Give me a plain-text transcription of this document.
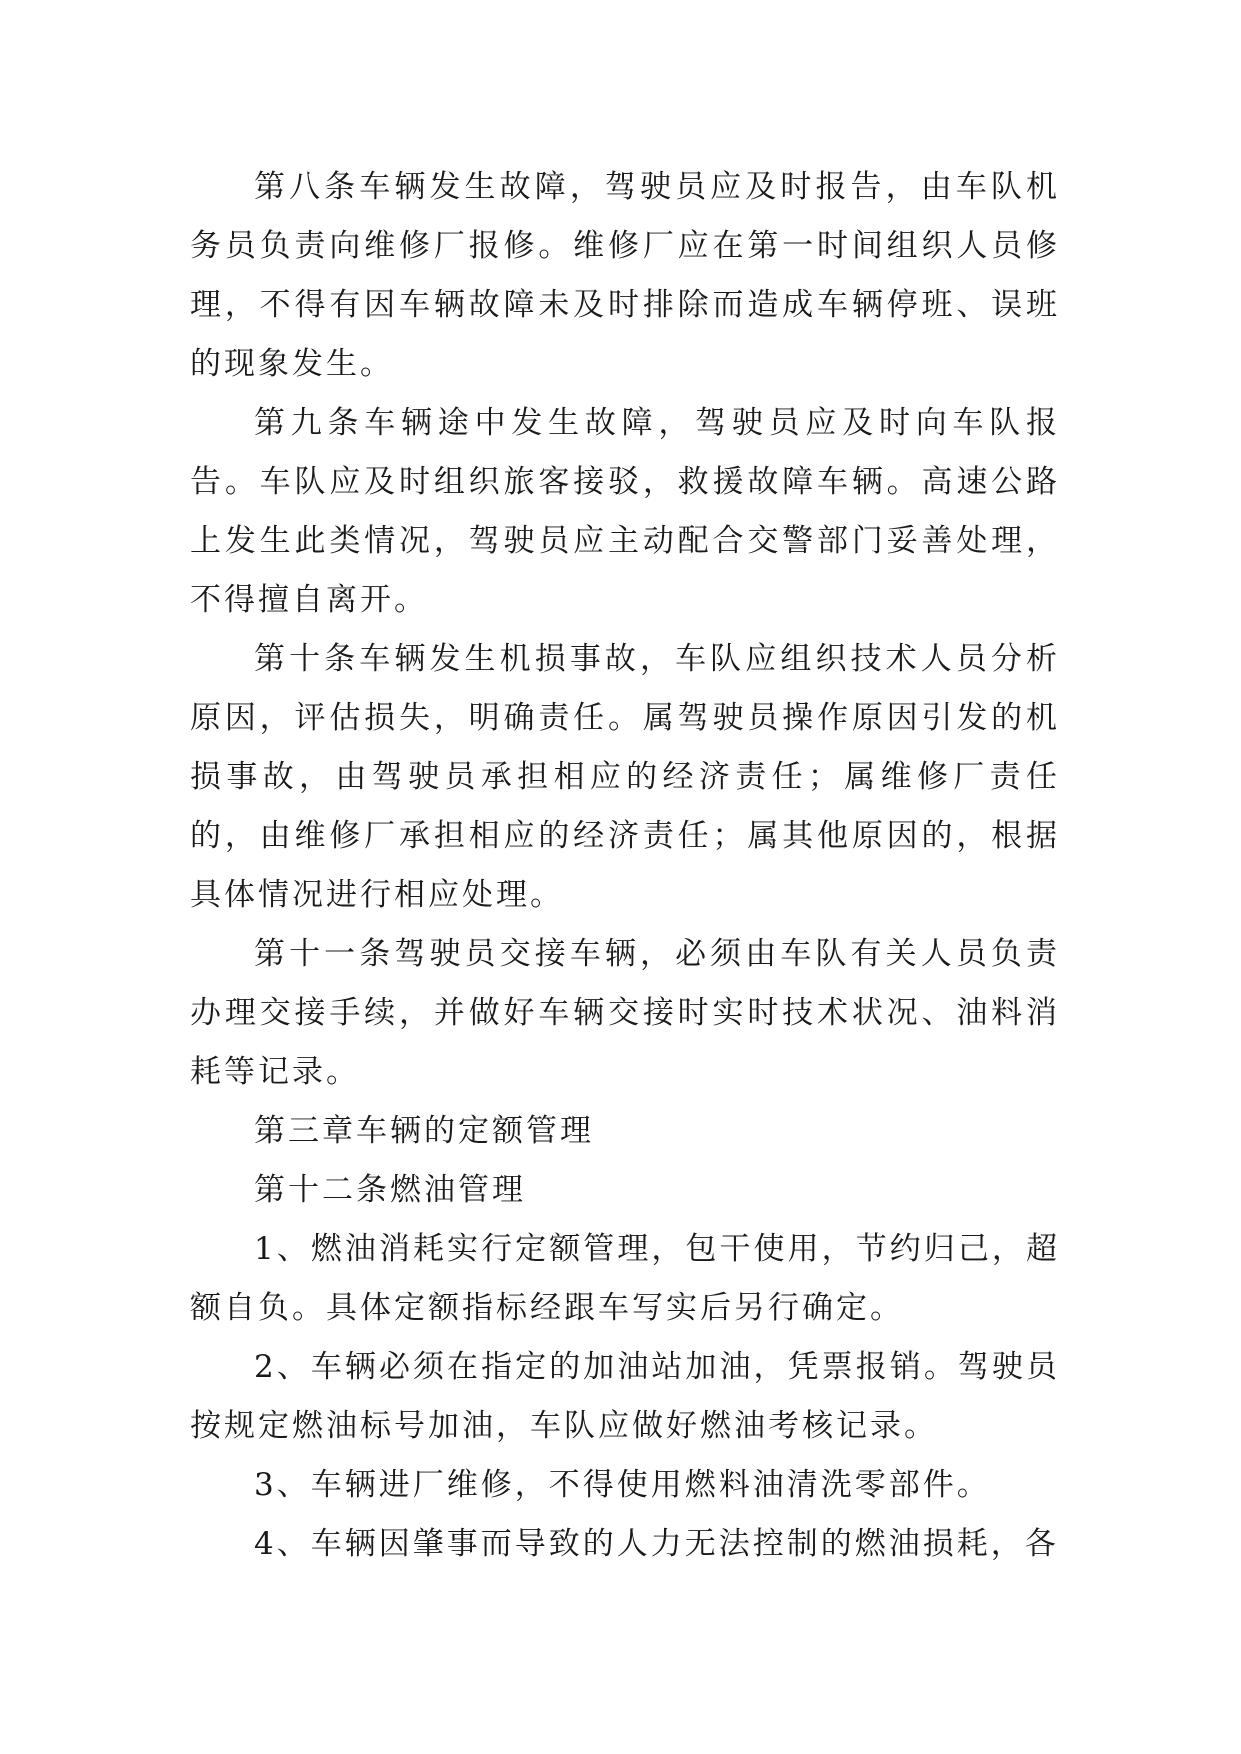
第八条车辆发生故障，驾驶员应及时报告，由车队机务员负责向维修厂报修。维修厂应在第一时间组织人员修理，不得有因车辆故障未及时排除而造成车辆停班、误班的现象发生。

第九条车辆途中发生故障，驾驶员应及时向车队报告。车队应及时组织旅客接驳，救援故障车辆。高速公路上发生此类情况，驾驶员应主动配合交警部门妥善处理，不得擅自离开。

第十条车辆发生机损事故，车队应组织技术人员分析原因，评估损失，明确责任。属驾驶员操作原因引发的机损事故，由驾驶员承担相应的经济责任；属维修厂责任的，由维修厂承担相应的经济责任；属其他原因的，根据具体情况进行相应处理。

第十一条驾驶员交接车辆，必须由车队有关人员负责办理交接手续，并做好车辆交接时实时技术状况、油料消耗等记录。

第三章车辆的定额管理

第十二条燃油管理

1、燃油消耗实行定额管理，包干使用，节约归己，超额自负。具体定额指标经跟车写实后另行确定。

2、车辆必须在指定的加油站加油，凭票报销。驾驶员按规定燃油标号加油，车队应做好燃油考核记录。

3、车辆进厂维修，不得使用燃料油清洗零部件。

4、车辆因肇事而导致的人力无法控制的燃油损耗，各
